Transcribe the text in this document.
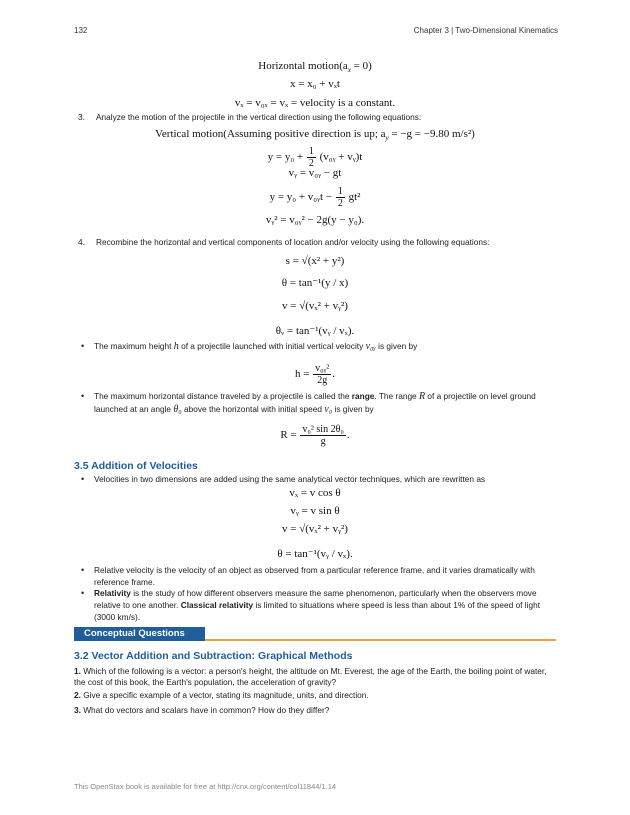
132	Chapter 3 | Two-Dimensional Kinematics
Horizontal $motion(a_x = 0)$
x = x₀ + vₓt
vₓ = v₀ₓ = vₓ = velocity is a constant.
3. Analyze the motion of the projectile in the vertical direction using the following equations:
Vertical motion(Assuming positive direction is up; $a_y = -g = -9.80$ m/s²)
$y = y_0 + \frac{1}{2}$ (v₀ᵧ + vᵧ)t
vᵧ = v₀ᵧ − gt
y = y₀ + v₀ᵧt − $\frac{1}{2} gt^2$
vᵧ² = v₀ᵧ² − 2g(y − y₀).
4. Recombine the horizontal and vertical components of location and/or velocity using the following equations:
s = √(x² + y²)
θ = tan⁻¹(y / x)
v = √(vₓ² + vᵧ²)
θᵥ = tan⁻¹(vᵧ / vₓ).
• The maximum height h of a projectile launched with initial vertical velocity v₀ᵧ is given by
$h = \frac{\text{v₀ᵧ²}}{2g}$ .
• The maximum horizontal distance traveled by a projectile is called the range. The range R of a projectile on level ground launched at an angle θ₀ above the horizontal with initial speed v₀ is given by
$R = \frac{\text{v₀² sin 2θ₀}}{g}$ .
3.5 Addition of Velocities
• Velocities in two dimensions are added using the same analytical vector techniques, which are rewritten as
vₓ = v cos θ
vᵧ = v sin θ
v = √(vₓ² + vᵧ²)
θ = tan⁻¹(vᵧ / vₓ).
• Relative velocity is the velocity of an object as observed from a particular reference frame, and it varies dramatically with reference frame.
• Relativity is the study of how different observers measure the same phenomenon, particularly when the observers move relative to one another. Classical relativity is limited to situations where speed is less than about 1% of the speed of light (3000 km/s).
Conceptual Questions
3.2 Vector Addition and Subtraction: Graphical Methods
1. Which of the following is a vector: a person's height, the altitude on Mt. Everest, the age of the Earth, the boiling point of water, the cost of this book, the Earth's population, the acceleration of gravity?
2. Give a specific example of a vector, stating its magnitude, units, and direction.
3. What do vectors and scalars have in common? How do they differ?
This OpenStax book is available for free at http://cnx.org/content/col11844/1.14
